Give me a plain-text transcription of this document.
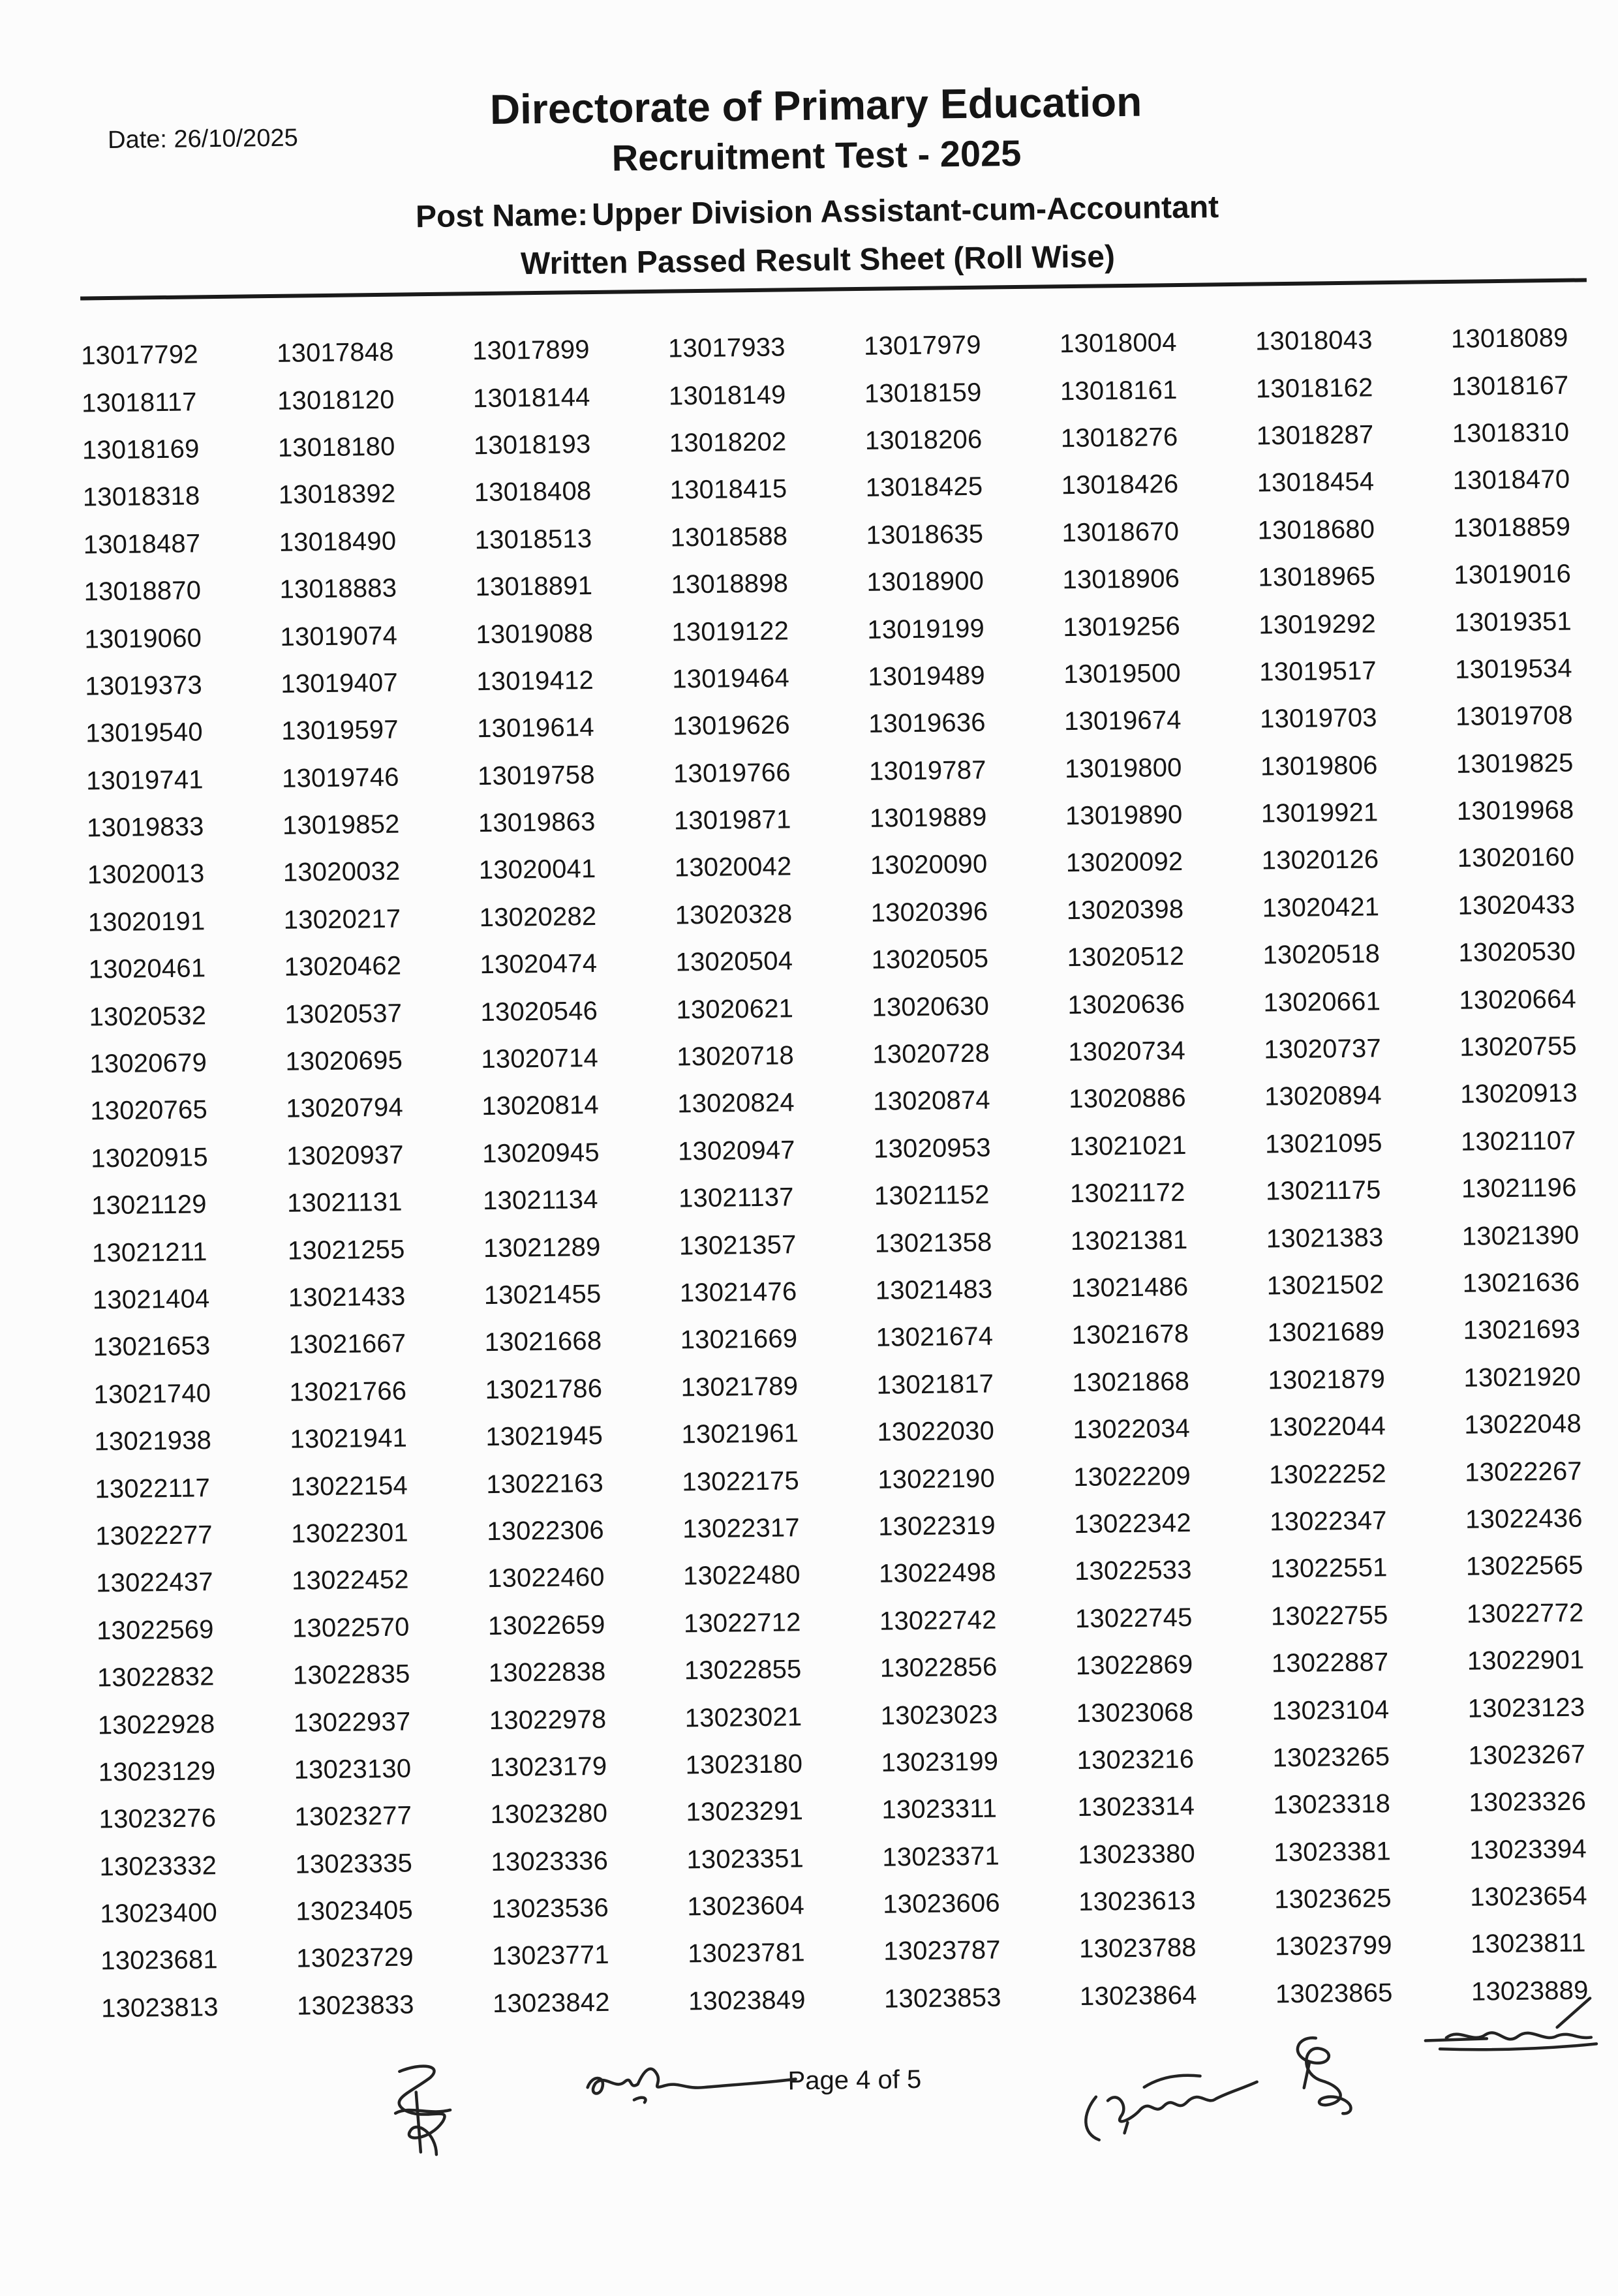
Date: 26/10/2025
Directorate of Primary Education
Recruitment Test - 2025
Post Name: Upper Division Assistant-cum-Accountant
Written Passed Result Sheet (Roll Wise)
13017792	13017848	13017899	13017933	13017979	13018004	13018043	13018089
13018117	13018120	13018144	13018149	13018159	13018161	13018162	13018167
13018169	13018180	13018193	13018202	13018206	13018276	13018287	13018310
13018318	13018392	13018408	13018415	13018425	13018426	13018454	13018470
13018487	13018490	13018513	13018588	13018635	13018670	13018680	13018859
13018870	13018883	13018891	13018898	13018900	13018906	13018965	13019016
13019060	13019074	13019088	13019122	13019199	13019256	13019292	13019351
13019373	13019407	13019412	13019464	13019489	13019500	13019517	13019534
13019540	13019597	13019614	13019626	13019636	13019674	13019703	13019708
13019741	13019746	13019758	13019766	13019787	13019800	13019806	13019825
13019833	13019852	13019863	13019871	13019889	13019890	13019921	13019968
13020013	13020032	13020041	13020042	13020090	13020092	13020126	13020160
13020191	13020217	13020282	13020328	13020396	13020398	13020421	13020433
13020461	13020462	13020474	13020504	13020505	13020512	13020518	13020530
13020532	13020537	13020546	13020621	13020630	13020636	13020661	13020664
13020679	13020695	13020714	13020718	13020728	13020734	13020737	13020755
13020765	13020794	13020814	13020824	13020874	13020886	13020894	13020913
13020915	13020937	13020945	13020947	13020953	13021021	13021095	13021107
13021129	13021131	13021134	13021137	13021152	13021172	13021175	13021196
13021211	13021255	13021289	13021357	13021358	13021381	13021383	13021390
13021404	13021433	13021455	13021476	13021483	13021486	13021502	13021636
13021653	13021667	13021668	13021669	13021674	13021678	13021689	13021693
13021740	13021766	13021786	13021789	13021817	13021868	13021879	13021920
13021938	13021941	13021945	13021961	13022030	13022034	13022044	13022048
13022117	13022154	13022163	13022175	13022190	13022209	13022252	13022267
13022277	13022301	13022306	13022317	13022319	13022342	13022347	13022436
13022437	13022452	13022460	13022480	13022498	13022533	13022551	13022565
13022569	13022570	13022659	13022712	13022742	13022745	13022755	13022772
13022832	13022835	13022838	13022855	13022856	13022869	13022887	13022901
13022928	13022937	13022978	13023021	13023023	13023068	13023104	13023123
13023129	13023130	13023179	13023180	13023199	13023216	13023265	13023267
13023276	13023277	13023280	13023291	13023311	13023314	13023318	13023326
13023332	13023335	13023336	13023351	13023371	13023380	13023381	13023394
13023400	13023405	13023536	13023604	13023606	13023613	13023625	13023654
13023681	13023729	13023771	13023781	13023787	13023788	13023799	13023811
13023813	13023833	13023842	13023849	13023853	13023864	13023865	13023889
Page 4 of 5
